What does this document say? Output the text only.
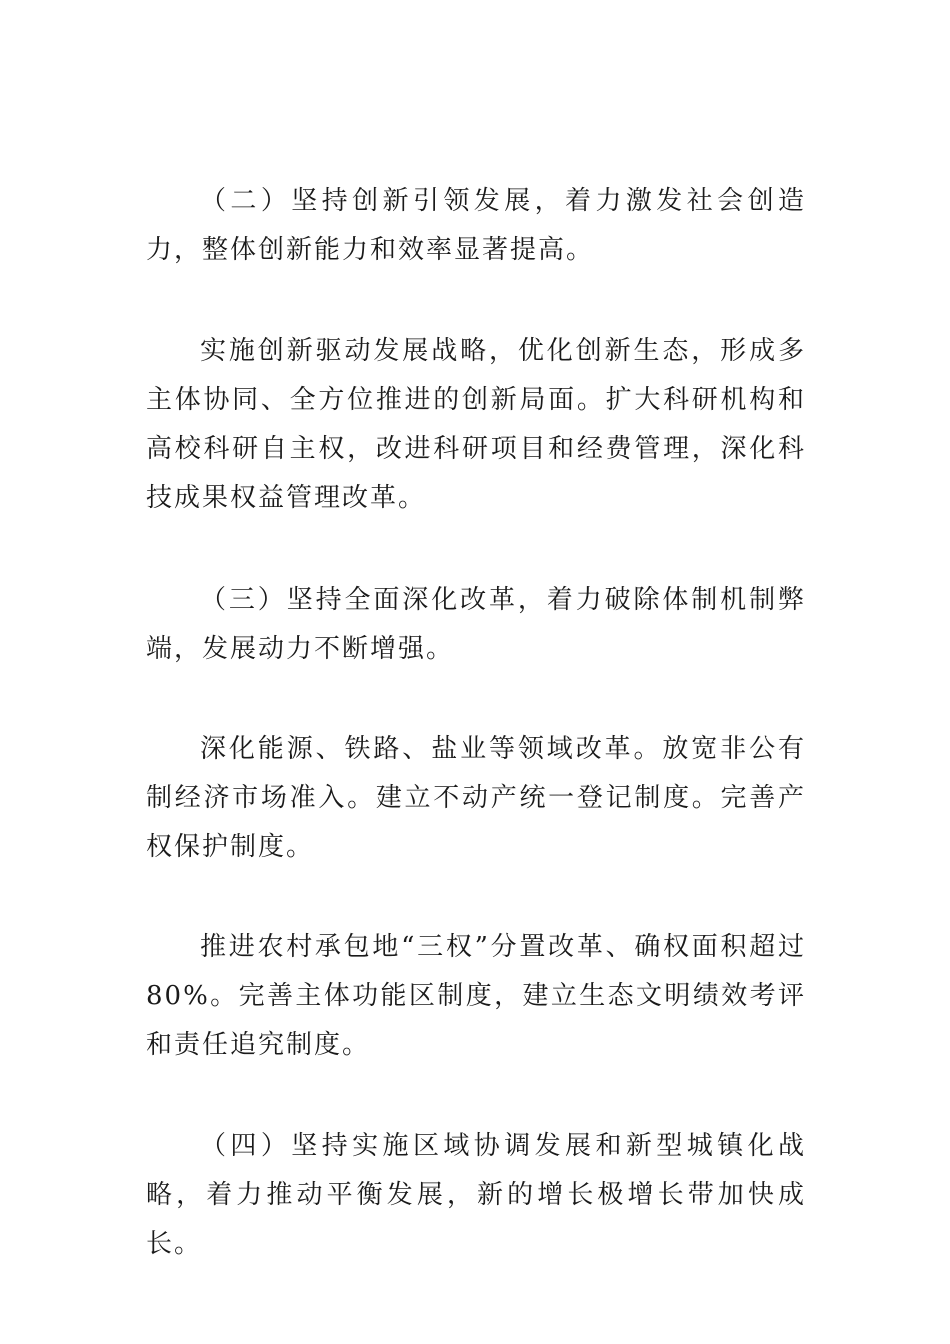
（二）坚持创新引领发展，着力激发社会创造力，整体创新能力和效率显著提高。

实施创新驱动发展战略，优化创新生态，形成多主体协同、全方位推进的创新局面。扩大科研机构和高校科研自主权，改进科研项目和经费管理，深化科技成果权益管理改革。

（三）坚持全面深化改革，着力破除体制机制弊端，发展动力不断增强。

深化能源、铁路、盐业等领域改革。放宽非公有制经济市场准入。建立不动产统一登记制度。完善产权保护制度。

推进农村承包地“三权”分置改革、确权面积超过80%。完善主体功能区制度，建立生态文明绩效考评和责任追究制度。

（四）坚持实施区域协调发展和新型城镇化战略，着力推动平衡发展，新的增长极增长带加快成长。
